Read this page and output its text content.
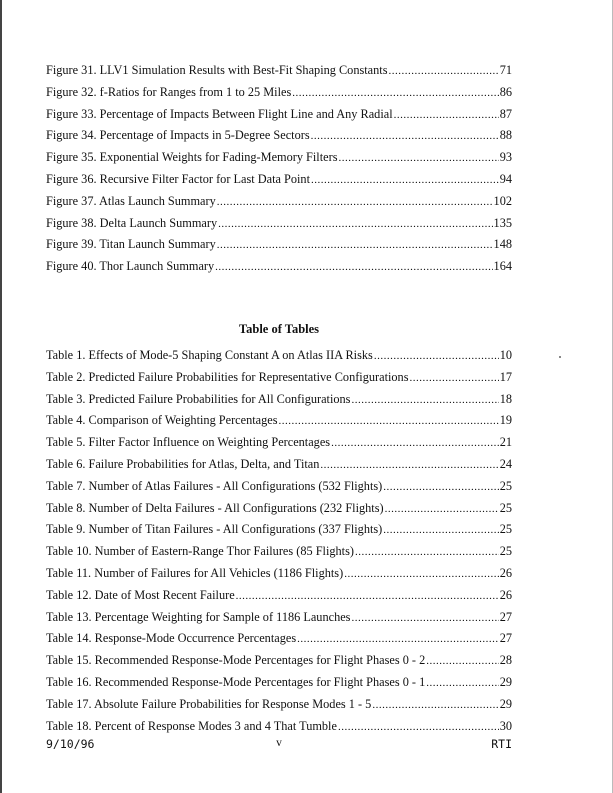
Figure 31. LLV1 Simulation Results with Best-Fit Shaping Constants .....	71
Figure 32. f-Ratios for Ranges from 1 to 25 Miles .....	86
Figure 33. Percentage of Impacts Between Flight Line and Any Radial .....	87
Figure 34. Percentage of Impacts in 5-Degree Sectors .....	88
Figure 35. Exponential Weights for Fading-Memory Filters .....	93
Figure 36. Recursive Filter Factor for Last Data Point .....	94
Figure 37. Atlas Launch Summary .....	102
Figure 38. Delta Launch Summary .....	135
Figure 39. Titan Launch Summary .....	148
Figure 40. Thor Launch Summary .....	164
Table of Tables
Table 1. Effects of Mode-5 Shaping Constant A on Atlas IIA Risks .....	10
Table 2. Predicted Failure Probabilities for Representative Configurations .....	17
Table 3. Predicted Failure Probabilities for All Configurations .....	18
Table 4. Comparison of Weighting Percentages .....	19
Table 5. Filter Factor Influence on Weighting Percentages .....	21
Table 6. Failure Probabilities for Atlas, Delta, and Titan .....	24
Table 7. Number of Atlas Failures - All Configurations (532 Flights) .....	25
Table 8. Number of Delta Failures - All Configurations (232 Flights) .....	25
Table 9. Number of Titan Failures - All Configurations (337 Flights) .....	25
Table 10. Number of Eastern-Range Thor Failures (85 Flights) .....	25
Table 11. Number of Failures for All Vehicles (1186 Flights) .....	26
Table 12. Date of Most Recent Failure .....	26
Table 13. Percentage Weighting for Sample of 1186 Launches .....	27
Table 14. Response-Mode Occurrence Percentages .....	27
Table 15. Recommended Response-Mode Percentages for Flight Phases 0 - 2 .....	28
Table 16. Recommended Response-Mode Percentages for Flight Phases 0 - 1 .....	29
Table 17. Absolute Failure Probabilities for Response Modes 1 - 5 .....	29
Table 18. Percent of Response Modes 3 and 4 That Tumble .....	30
9/10/96	v	RTI
